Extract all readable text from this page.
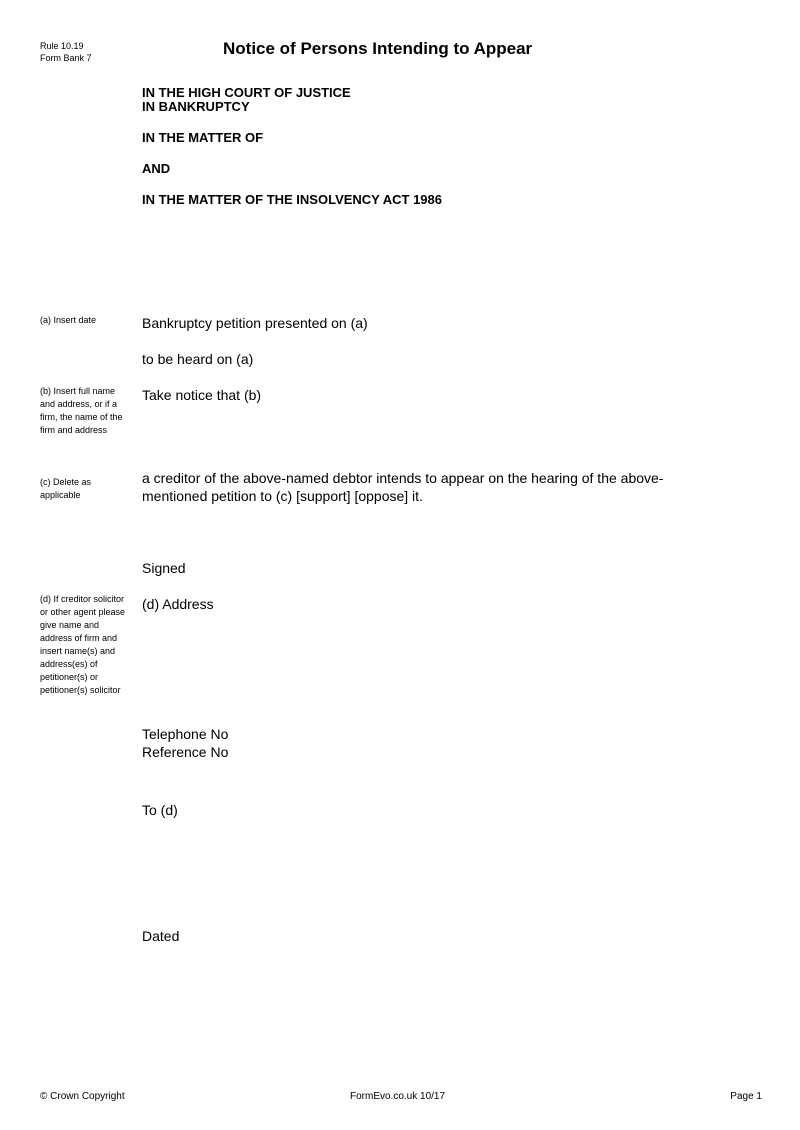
Rule 10.19
Form Bank 7	Notice of Persons Intending to Appear
IN THE HIGH COURT OF JUSTICE
IN BANKRUPTCY
IN THE MATTER OF
AND
IN THE MATTER OF THE INSOLVENCY ACT 1986
(a) Insert date
(b) Insert full name and address, or if a firm, the name of the firm and address
(c) Delete as applicable
(d) If creditor solicitor or other agent please give name and address of firm and insert name(s) and address(es) of petitioner(s) or petitioner(s) solicitor
Bankruptcy petition presented on (a)
to be heard on (a)
Take notice that (b)
a creditor of the above-named debtor intends to appear on the hearing of the above-mentioned petition to (c) [support] [oppose] it.
Signed
(d) Address
Telephone No
Reference No
To (d)
Dated
© Crown Copyright	FormEvo.co.uk 10/17	Page 1
